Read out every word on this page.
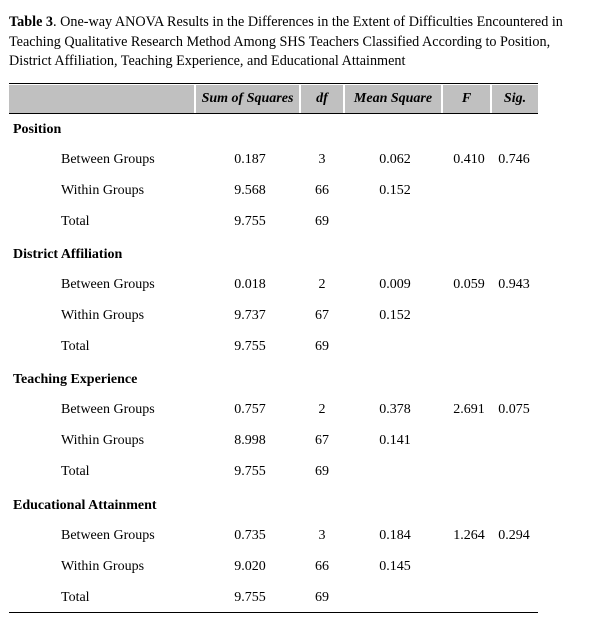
Table 3. One-way ANOVA Results in the Differences in the Extent of Difficulties Encountered in Teaching Qualitative Research Method Among SHS Teachers Classified According to Position, District Affiliation, Teaching Experience, and Educational Attainment
Sum of Squares	df	Mean Square	F	Sig.
Position
Between Groups	0.187	3	0.062	0.410 0.746
Within Groups	9.568	66	0.152
Total	9.755	69
District Affiliation
Between Groups	0.018	2	0.009	0.059 0.943
Within Groups	9.737	67	0.152
Total	9.755	69
Teaching Experience
Between Groups	0.757	2	0.378	2.691 0.075
Within Groups	8.998	67	0.141
Total	9.755	69
Educational Attainment
Between Groups	0.735	3	0.184	1.264 0.294
Within Groups	9.020	66	0.145
Total	9.755	69
